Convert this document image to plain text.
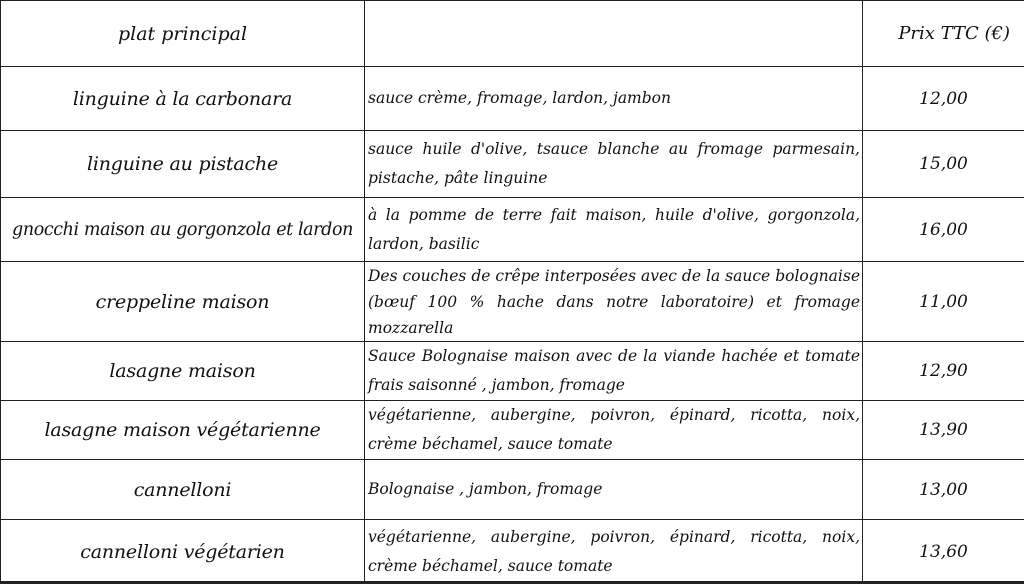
plat principal		Prix TTC (€)
linguine à la carbonara	sauce crème, fromage, lardon, jambon	12,00
linguine au pistache	sauce huile d'olive, tsauce blanche au fromage parmesain, pistache, pâte linguine	15,00
gnocchi maison au gorgonzola et lardon	à la pomme de terre fait maison, huile d'olive, gorgonzola, lardon, basilic	16,00
creppeline maison	Des couches de crêpe interposées avec de la sauce bolognaise (bœuf 100 % hache dans notre laboratoire) et fromage mozzarella	11,00
lasagne maison	Sauce Bolognaise maison avec de la viande hachée et tomate frais saisonné , jambon, fromage	12,90
lasagne maison végétarienne	végétarienne, aubergine, poivron, épinard, ricotta, noix, crème béchamel, sauce tomate	13,90
cannelloni	Bolognaise , jambon, fromage	13,00
cannelloni végétarien	végétarienne, aubergine, poivron, épinard, ricotta, noix, crème béchamel, sauce tomate	13,60
